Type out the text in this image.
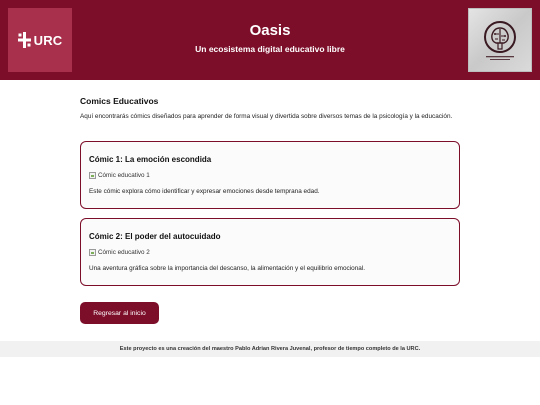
URC
Oasis
Un ecosistema digital educativo libre
Comics Educativos

Aquí encontrarás cómics diseñados para aprender de forma visual y divertida sobre diversos temas de la psicología y la educación.

Cómic 1: La emoción escondida
Cómic educativo 1

Este cómic explora cómo identificar y expresar emociones desde temprana edad.

Cómic 2: El poder del autocuidado
Cómic educativo 2

Una aventura gráfica sobre la importancia del descanso, la alimentación y el equilibrio emocional.

Regresar al inicio
Este proyecto es una creación del maestro Pablo Adrian Rivera Juvenal, profesor de tiempo completo de la URC.
